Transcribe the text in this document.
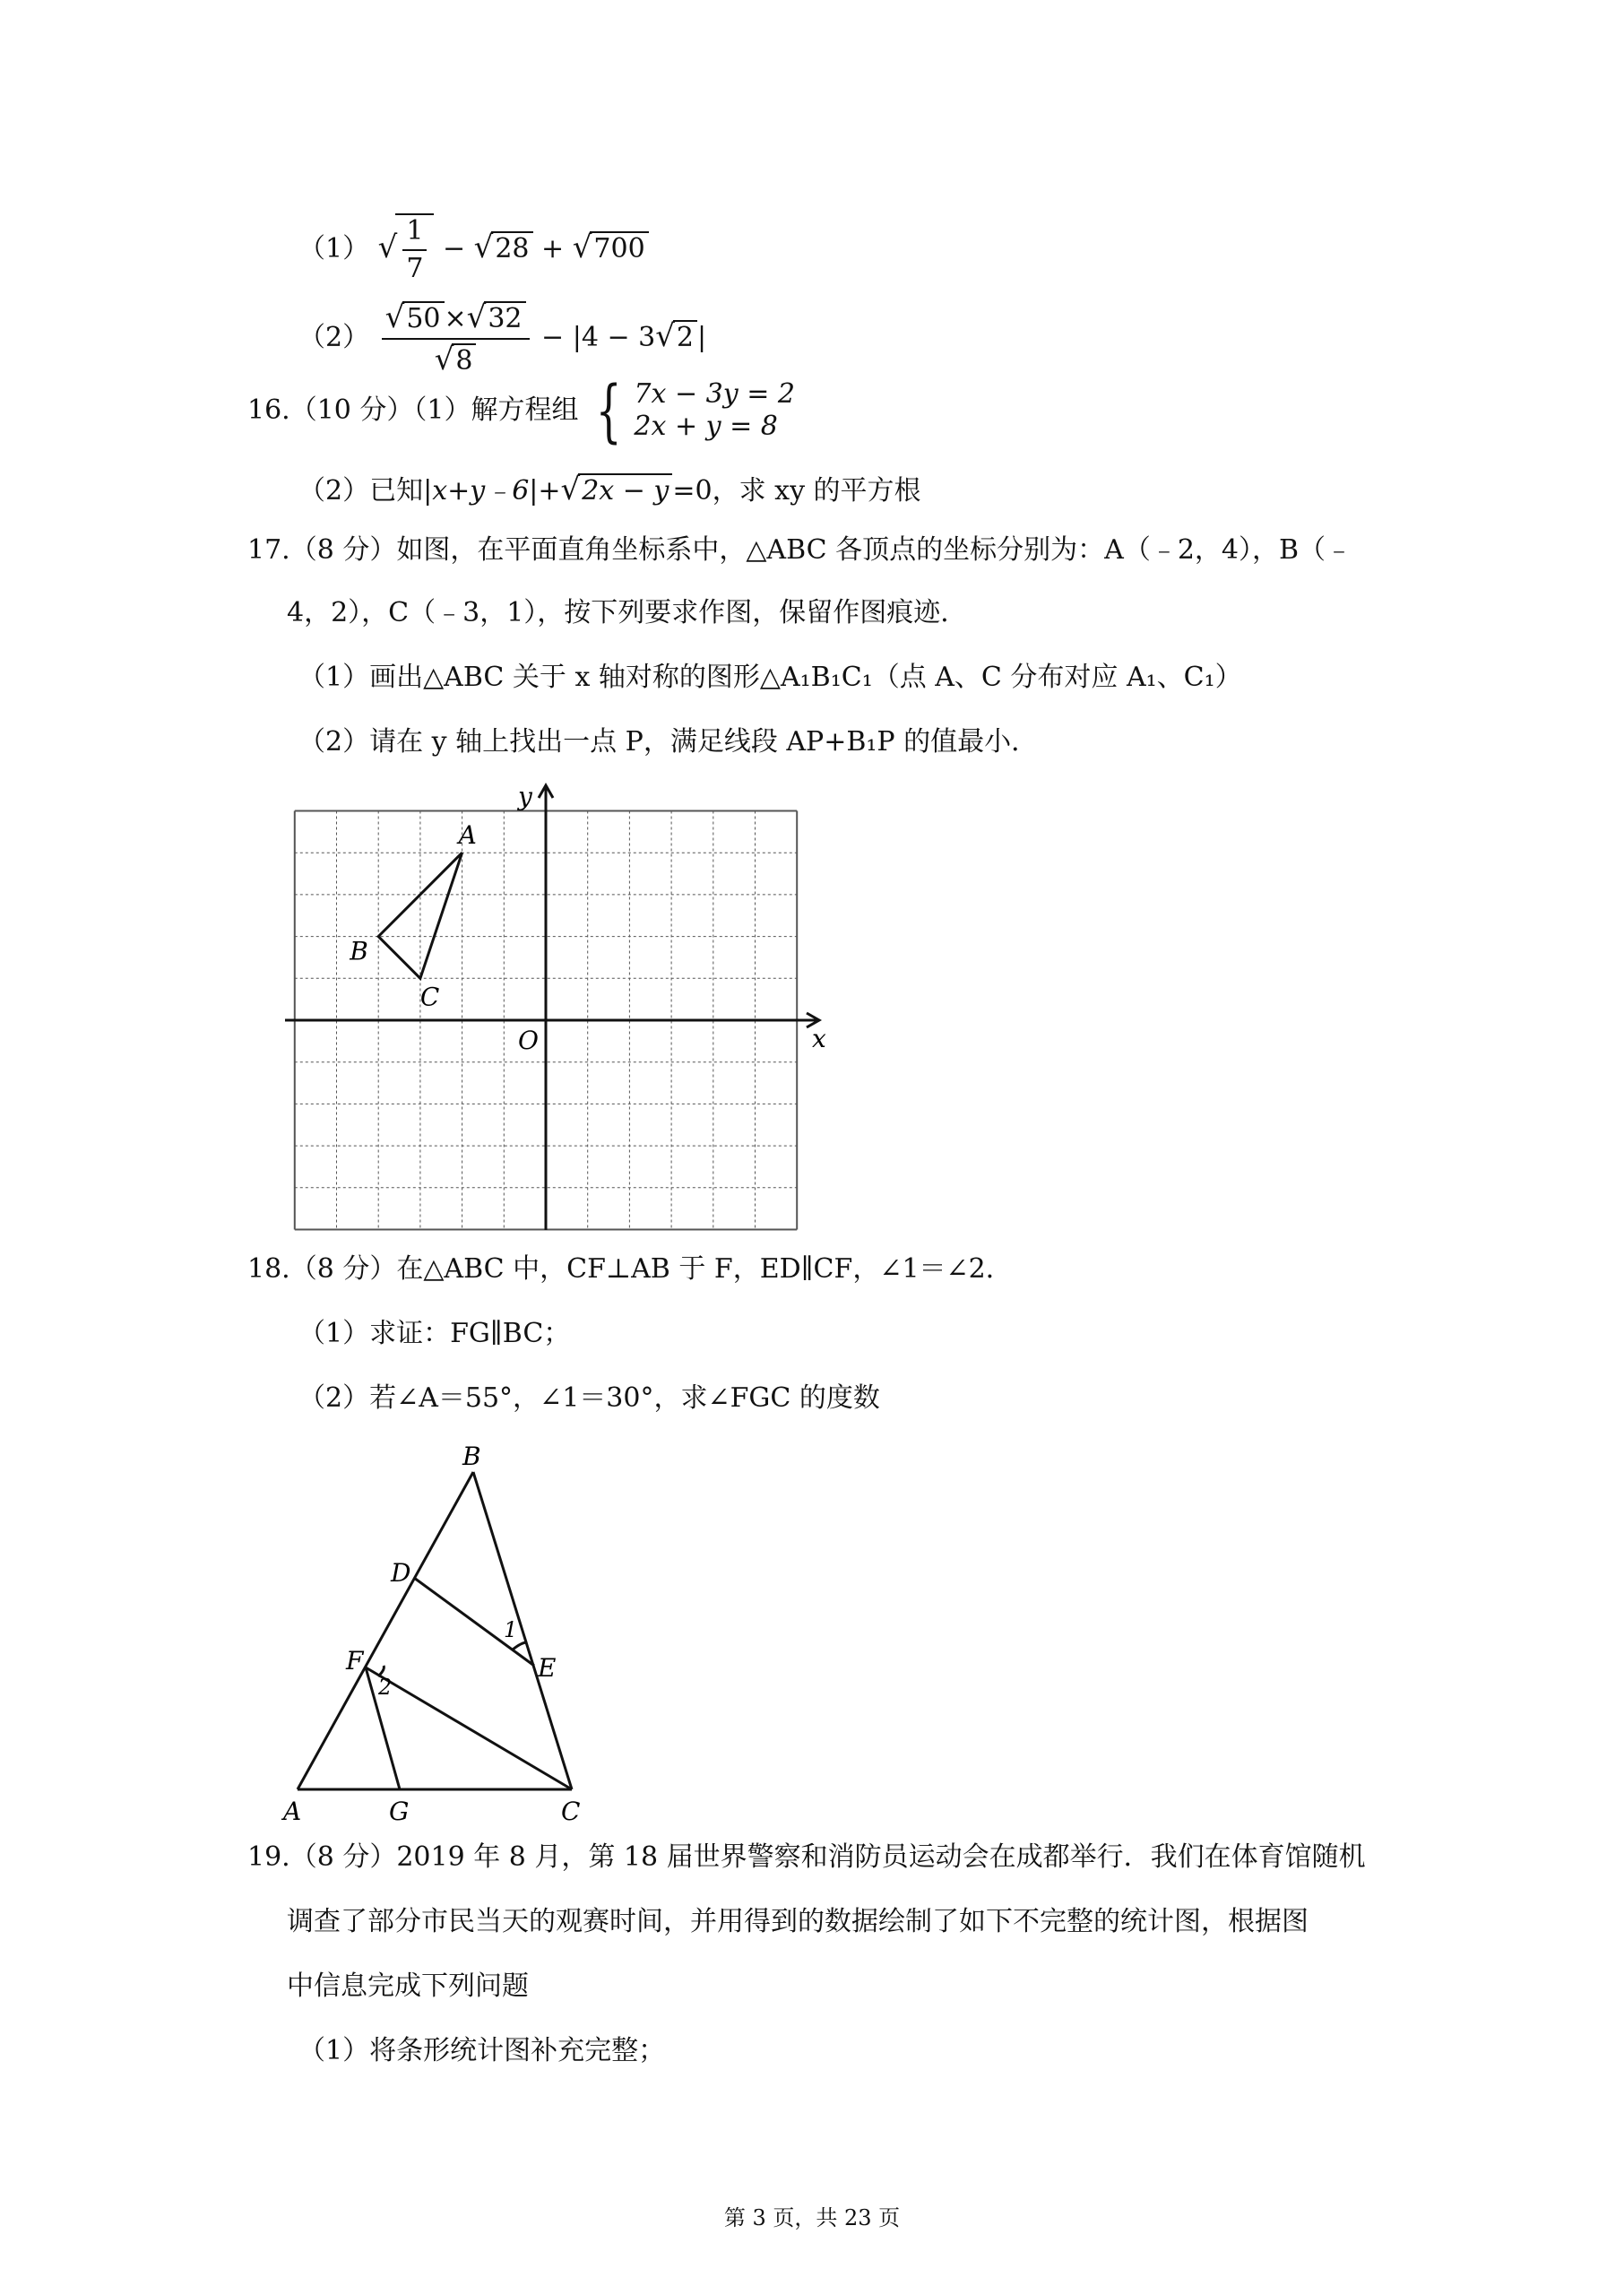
（1） √ $\frac{1}{7} - √28 + √700$
$(2) \frac{√50 \times√32}{√8} - |4 - 3√2$ |
16.（10 分）（1）解方程组 { 7x − 3y = 2
2x + y = 8
（2）已知|x+y﹣6|+√2x − y =0，求 xy 的平方根
17.（8 分）如图，在平面直角坐标系中，△ABC 各顶点的坐标分别为：A（﹣2，4），B（﹣
4，2），C（﹣3，1），按下列要求作图，保留作图痕迹．
（1）画出△ABC 关于 x 轴对称的图形△A₁B₁C₁（点 A、C 分布对应 A₁、C₁）
（2）请在 y 轴上找出一点 P，满足线段 AP+B₁P 的值最小．
x
y
O
A
B
C
18.（8 分）在△ABC 中，CF⊥AB 于 F，ED∥CF，∠1＝∠2．
（1）求证：FG∥BC；
（2）若∠A＝55°，∠1＝30°，求∠FGC 的度数
B
D
E
F
A	G	C
1
2
19.（8 分）2019 年 8 月，第 18 届世界警察和消防员运动会在成都举行．我们在体育馆随机
调查了部分市民当天的观赛时间，并用得到的数据绘制了如下不完整的统计图，根据图
中信息完成下列问题
（1）将条形统计图补充完整；
第 3 页，共 23 页
